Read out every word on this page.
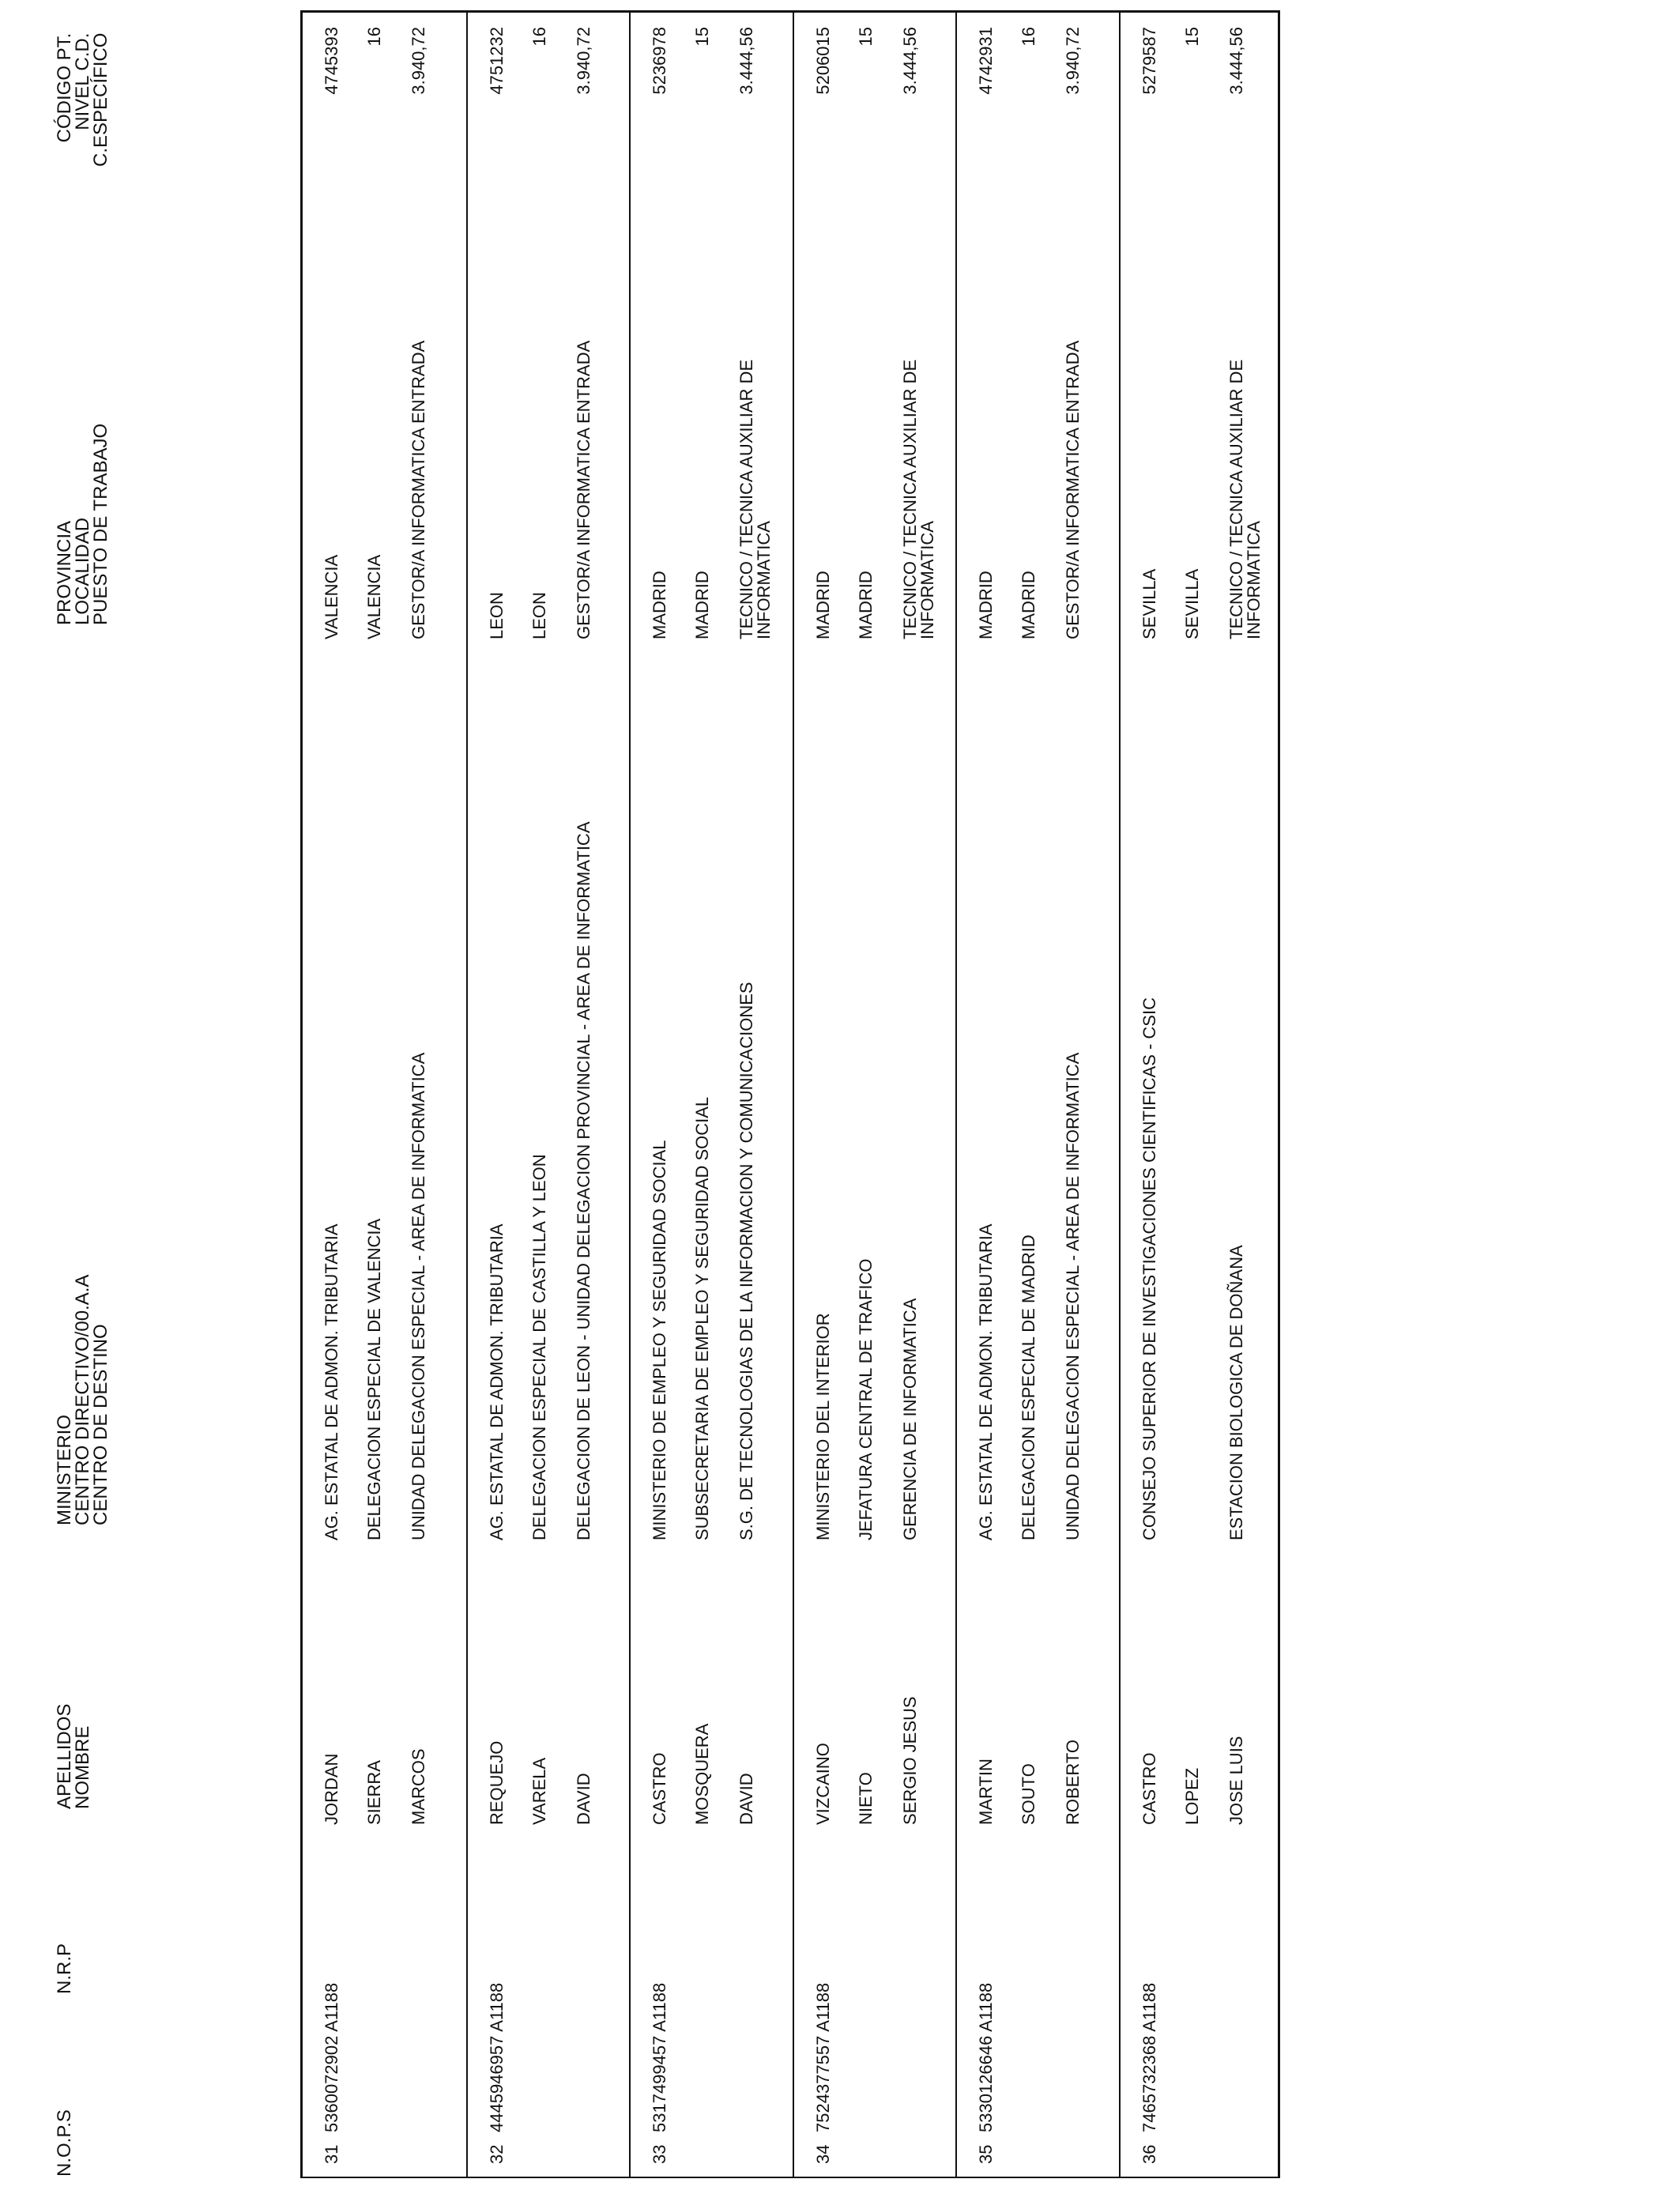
N.O.P.S
N.R.P
APELLIDOS
NOMBRE
MINISTERIO
CENTRO DIRECTIVO/00.A.A
CENTRO DE DESTINO
PROVINCIA
LOCALIDAD
PUESTO DE TRABAJO
CÓDIGO PT.
NIVEL C.D.
C.ESPECÍFICO
31
5360072902 A1188
JORDAN SIERRA MARCOS
AG. ESTATAL DE ADMON. TRIBUTARIA DELEGACION ESPECIAL DE VALENCIA UNIDAD DELEGACION ESPECIAL - AREA DE INFORMATICA
VALENCIA VALENCIA GESTOR/A INFORMATICA ENTRADA
4745393 16 3.940,72
32
4445946957 A1188
REQUEJO VARELA DAVID
AG. ESTATAL DE ADMON. TRIBUTARIA DELEGACION ESPECIAL DE CASTILLA Y LEON DELEGACION DE LEON - UNIDAD DELEGACION PROVINCIAL - AREA DE INFORMATICA
LEON LEON GESTOR/A INFORMATICA ENTRADA
4751232 16 3.940,72
33
5317499457 A1188
CASTRO MOSQUERA DAVID
MINISTERIO DE EMPLEO Y SEGURIDAD SOCIAL SUBSECRETARIA DE EMPLEO Y SEGURIDAD SOCIAL S.G. DE TECNOLOGIAS DE LA INFORMACION Y COMUNICACIONES
MADRID MADRID TECNICO / TECNICA AUXILIAR DE INFORMATICA
5236978 15 3.444,56
34
7524377557 A1188
VIZCAINO NIETO SERGIO JESUS
MINISTERIO DEL INTERIOR JEFATURA CENTRAL DE TRAFICO GERENCIA DE INFORMATICA
MADRID MADRID TECNICO / TECNICA AUXILIAR DE INFORMATICA
5206015 15 3.444,56
35
5330126646 A1188
MARTIN SOUTO ROBERTO
AG. ESTATAL DE ADMON. TRIBUTARIA DELEGACION ESPECIAL DE MADRID UNIDAD DELEGACION ESPECIAL - AREA DE INFORMATICA
MADRID MADRID GESTOR/A INFORMATICA ENTRADA
4742931 16 3.940,72
36
7465732368 A1188
CASTRO LOPEZ JOSE LUIS
CONSEJO SUPERIOR DE INVESTIGACIONES CIENTIFICAS - CSIC	ESTACION BIOLOGICA DE DOÑANA
SEVILLA SEVILLA TECNICO / TECNICA AUXILIAR DE INFORMATICA
5279587 15 3.444,56
